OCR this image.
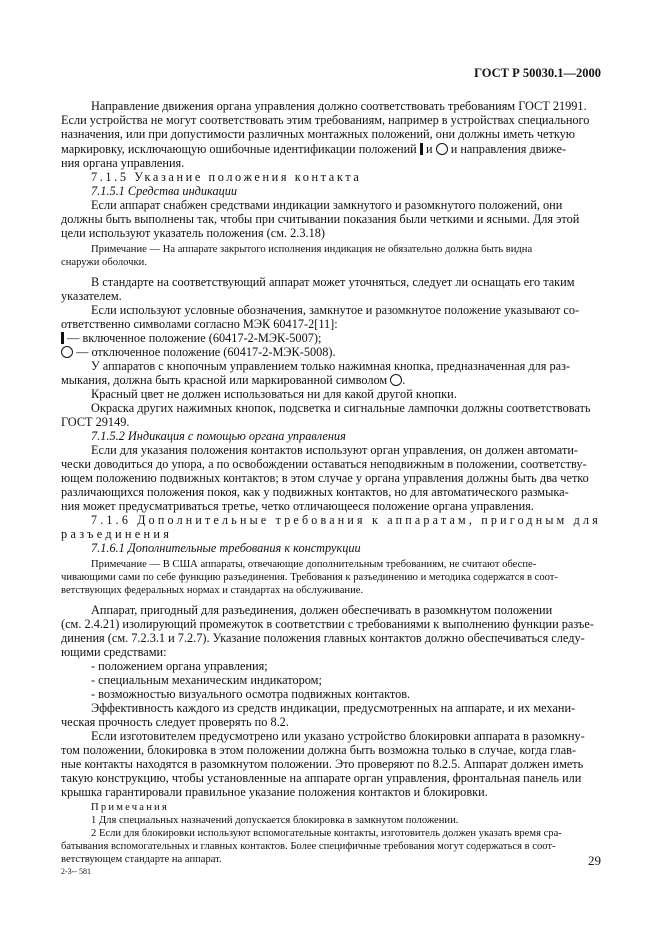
ГОСТ Р 50030.1—2000
Направление движения органа управления должно соответствовать требованиям ГОСТ 21991.
Если устройства не могут соответствовать этим требованиям, например в устройствах специального
назначения, или при допустимости различных монтажных положений, они должны иметь четкую
маркировку, исключающую ошибочные идентификации положений и и направления движе-
ния органа управления.
7.1.5 Указание положения контакта
7.1.5.1 Средства индикации
Если аппарат снабжен средствами индикации замкнутого и разомкнутого положений, они
должны быть выполнены так, чтобы при считывании показания были четкими и ясными. Для этой
цели используют указатель положения (см. 2.3.18)
Примечание — На аппарате закрытого исполнения индикация не обязательно должна быть видна
снаружи оболочки.
В стандарте на соответствующий аппарат может уточняться, следует ли оснащать его таким
указателем.
Если используют условные обозначения, замкнутое и разомкнутое положение указывают со-
ответственно символами согласно МЭК 60417-2[11]:
— включенное положение (60417-2-МЭК-5007);
— отключенное положение (60417-2-МЭК-5008).
У аппаратов с кнопочным управлением только нажимная кнопка, предназначенная для раз-
мыкания, должна быть красной или маркированной символом .
Красный цвет не должен использоваться ни для какой другой кнопки.
Окраска других нажимных кнопок, подсветка и сигнальные лампочки должны соответствовать
ГОСТ 29149.
7.1.5.2 Индикация с помощью органа управления
Если для указания положения контактов используют орган управления, он должен автомати-
чески доводиться до упора, а по освобождении оставаться неподвижным в положении, соответству-
ющем положению подвижных контактов; в этом случае у органа управления должны быть два четко
различающихся положения покоя, как у подвижных контактов, но для автоматического размыка-
ния может предусматриваться третье, четко отличающееся положение органа управления.
7.1.6 Дополнительные требования к аппаратам, пригодным для
разъединения
7.1.6.1 Дополнительные требования к конструкции
Примечание — В США аппараты, отвечающие дополнительным требованиям, не считают обеспе-
чивающими сами по себе функцию разъединения. Требования к разъединению и методика содержатся в соот-
ветствующих федеральных нормах и стандартах на обслуживание.
Аппарат, пригодный для разъединения, должен обеспечивать в разомкнутом положении
(см. 2.4.21) изолирующий промежуток в соответствии с требованиями к выполнению функции разъе-
динения (см. 7.2.3.1 и 7.2.7). Указание положения главных контактов должно обеспечиваться следу-
ющими средствами:
- положением органа управления;
- специальным механическим индикатором;
- возможностью визуального осмотра подвижных контактов.
Эффективность каждого из средств индикации, предусмотренных на аппарате, и их механи-
ческая прочность следует проверять по 8.2.
Если изготовителем предусмотрено или указано устройство блокировки аппарата в разомкну-
том положении, блокировка в этом положении должна быть возможна только в случае, когда глав-
ные контакты находятся в разомкнутом положении. Это проверяют по 8.2.5. Аппарат должен иметь
такую конструкцию, чтобы установленные на аппарате орган управления, фронтальная панель или
крышка гарантировали правильное указание положения контактов и блокировки.
Примечания
1 Для специальных назначений допускается блокировка в замкнутом положении.
2 Если для блокировки используют вспомогательные контакты, изготовитель должен указать время сра-
батывания вспомогательных и главных контактов. Более специфичные требования могут содержаться в соот-
ветствующем стандарте на аппарат.
2-3-- 581
29
